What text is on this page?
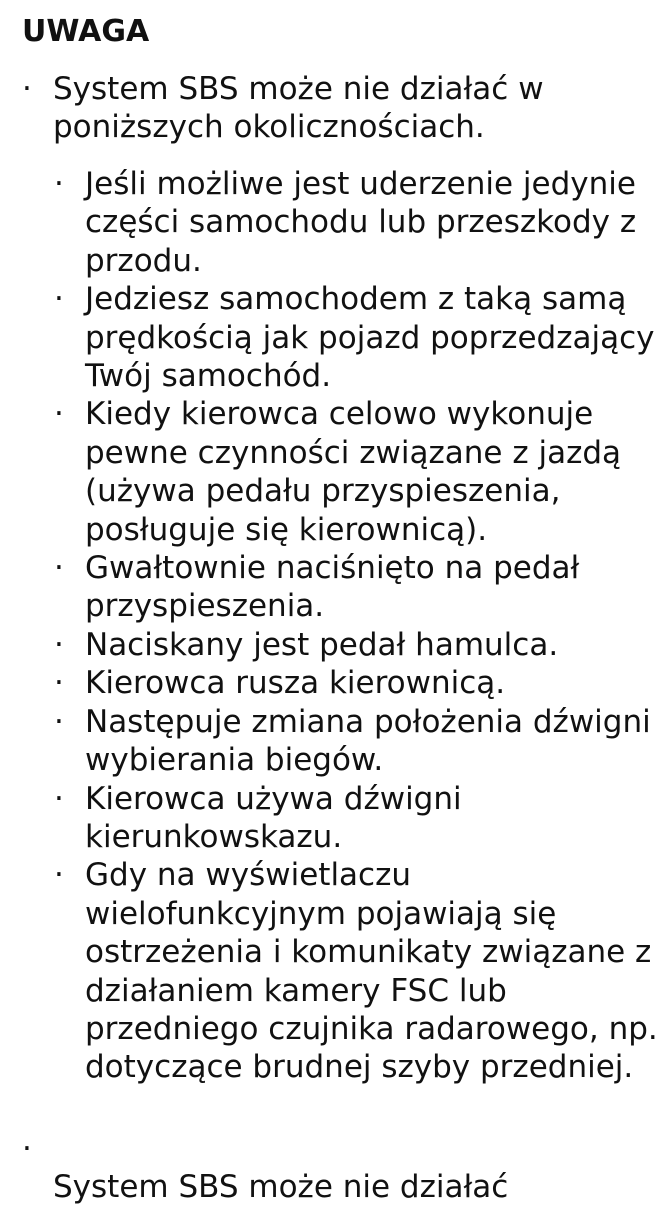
UWAGA
· System SBS może nie działać w poniższych okolicznościach.
· Jeśli możliwe jest uderzenie jedynie części samochodu lub przeszkody z przodu.
· Jedziesz samochodem z taką samą prędkością jak pojazd poprzedzający Twój samochód.
· Kiedy kierowca celowo wykonuje pewne czynności związane z jazdą (używa pedału przyspieszenia, posługuje się kierownicą).
· Gwałtownie naciśnięto na pedał przyspieszenia.
· Naciskany jest pedał hamulca.
· Kierowca rusza kierownicą.
· Następuje zmiana położenia dźwigni wybierania biegów.
· Kierowca używa dźwigni kierunkowskazu.
· Gdy na wyświetlaczu wielofunkcyjnym pojawiają się ostrzeżenia i komunikaty związane z działaniem kamery FSC lub przedniego czujnika radarowego, np. dotyczące brudnej szyby przedniej.
·
System SBS może nie działać
